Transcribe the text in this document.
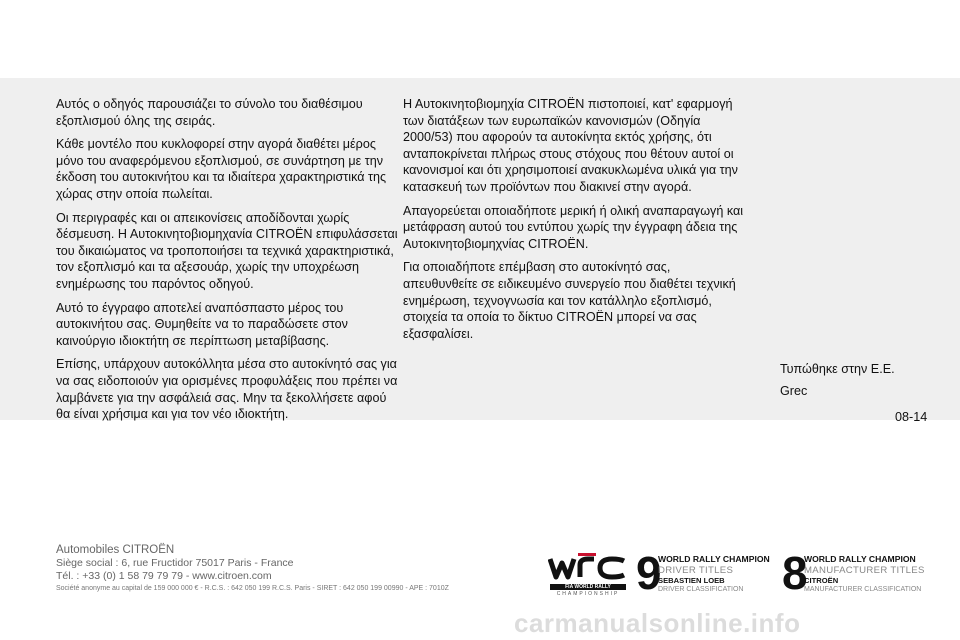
Αυτός ο οδηγός παρουσιάζει το σύνολο του διαθέσιμου εξοπλισμού όλης της σειράς.

Κάθε μοντέλο που κυκλοφορεί στην αγορά διαθέτει μέρος μόνο του αναφερόμενου εξοπλισμού, σε συνάρτηση με την έκδοση του αυτοκινήτου και τα ιδιαίτερα χαρακτηριστικά της χώρας στην οποία πωλείται.

Οι περιγραφές και οι απεικονίσεις αποδίδονται χωρίς δέσμευση. Η Αυτοκινητοβιομηχανία CITROËN επιφυλάσσεται του δικαιώματος να τροποποιήσει τα τεχνικά χαρακτηριστικά, τον εξοπλισμό και τα αξεσουάρ, χωρίς την υποχρέωση ενημέρωσης του παρόντος οδηγού.

Αυτό το έγγραφο αποτελεί αναπόσπαστο μέρος του αυτοκινήτου σας. Θυμηθείτε να το παραδώσετε στον καινούργιο ιδιοκτήτη σε περίπτωση μεταβίβασης.

Επίσης, υπάρχουν αυτοκόλλητα μέσα στο αυτοκίνητό σας για να σας ειδοποιούν για ορισμένες προφυλάξεις που πρέπει να λαμβάνετε για την ασφάλειά σας. Μην τα ξεκολλήσετε αφού θα είναι χρήσιμα και για τον νέο ιδιοκτήτη.

Η Αυτοκινητοβιομηχία CITROËN πιστοποιεί, κατ' εφαρμογή των διατάξεων των ευρωπαϊκών κανονισμών (Οδηγία 2000/53) που αφορούν τα αυτοκίνητα εκτός χρήσης, ότι ανταποκρίνεται πλήρως στους στόχους που θέτουν αυτοί οι κανονισμοί και ότι χρησιμοποιεί ανακυκλωμένα υλικά για την κατασκευή των προϊόντων που διακινεί στην αγορά.

Απαγορεύεται οποιαδήποτε μερική ή ολική αναπαραγωγή και μετάφραση αυτού του εντύπου χωρίς την έγγραφη άδεια της Αυτοκινητοβιομηχνίας CITROËN.

Για οποιαδήποτε επέμβαση στο αυτοκίνητό σας, απευθυνθείτε σε ειδικευμένο συνεργείο που διαθέτει τεχνική ενημέρωση, τεχνογνωσία και τον κατάλληλο εξοπλισμό, στοιχεία τα οποία το δίκτυο CITROËN μπορεί να σας εξασφαλίσει.

Τυπώθηκε στην Ε.Ε.
Grec
08-14
Automobiles CITROËN
Siège social : 6, rue Fructidor 75017 Paris - France
Tél. : +33 (0) 1 58 79 79 79 - www.citroen.com
Société anonyme au capital de 159 000 000 € - R.C.S. : 642 050 199 R.C.S. Paris - SIRET : 642 050 199 00990 - APE : 7010Z	FIA WORLD RALLY
CHAMPIONSHIP 9
WORLD RALLY CHAMPION
DRIVER TITLES
SEBASTIEN LOEB
DRIVER CLASSIFICATION 8
WORLD RALLY CHAMPION
MANUFACTURER TITLES
CITROËN
MANUFACTURER CLASSIFICATION
carmanualsonline.info
